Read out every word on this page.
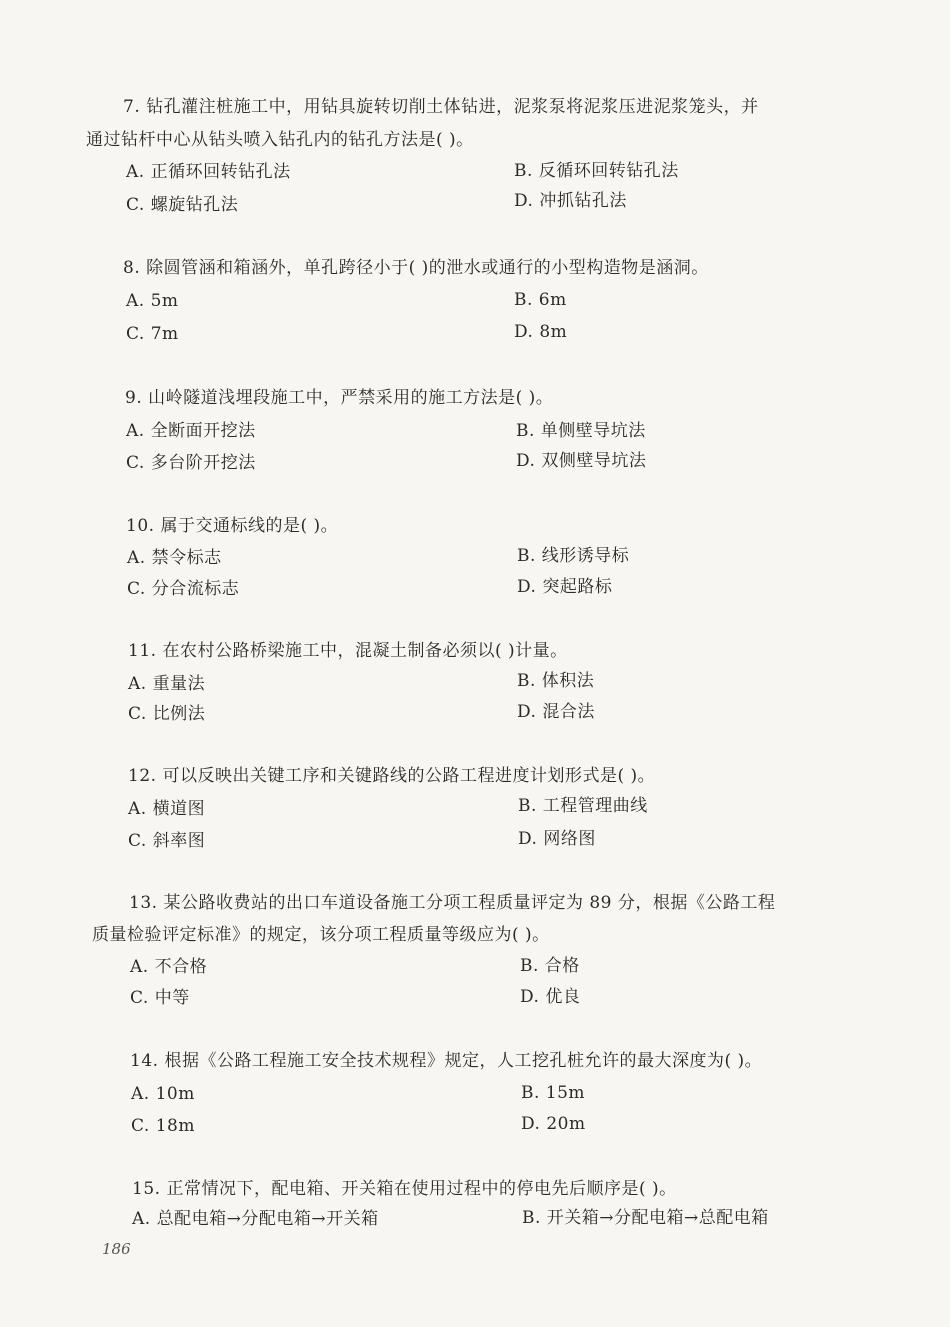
7. 钻孔灌注桩施工中，用钻具旋转切削土体钻进，泥浆泵将泥浆压进泥浆笼头，并
通过钻杆中心从钻头喷入钻孔内的钻孔方法是( )。
A. 正循环回转钻孔法	B. 反循环回转钻孔法
C. 螺旋钻孔法	D. 冲抓钻孔法
8. 除圆管涵和箱涵外，单孔跨径小于( )的泄水或通行的小型构造物是涵洞。
A. 5m	B. 6m
C. 7m	D. 8m
9. 山岭隧道浅埋段施工中，严禁采用的施工方法是( )。
A. 全断面开挖法	B. 单侧壁导坑法
C. 多台阶开挖法	D. 双侧壁导坑法
10. 属于交通标线的是( )。
A. 禁令标志	B. 线形诱导标
C. 分合流标志	D. 突起路标
11. 在农村公路桥梁施工中，混凝土制备必须以( )计量。
A. 重量法	B. 体积法
C. 比例法	D. 混合法
12. 可以反映出关键工序和关键路线的公路工程进度计划形式是( )。
A. 横道图	B. 工程管理曲线
C. 斜率图	D. 网络图
13. 某公路收费站的出口车道设备施工分项工程质量评定为 89 分，根据《公路工程
质量检验评定标准》的规定，该分项工程质量等级应为( )。
A. 不合格	B. 合格
C. 中等	D. 优良
14. 根据《公路工程施工安全技术规程》规定，人工挖孔桩允许的最大深度为( )。
A. 10m	B. 15m
C. 18m	D. 20m
15. 正常情况下，配电箱、开关箱在使用过程中的停电先后顺序是( )。
A. 总配电箱→分配电箱→开关箱	B. 开关箱→分配电箱→总配电箱
186
